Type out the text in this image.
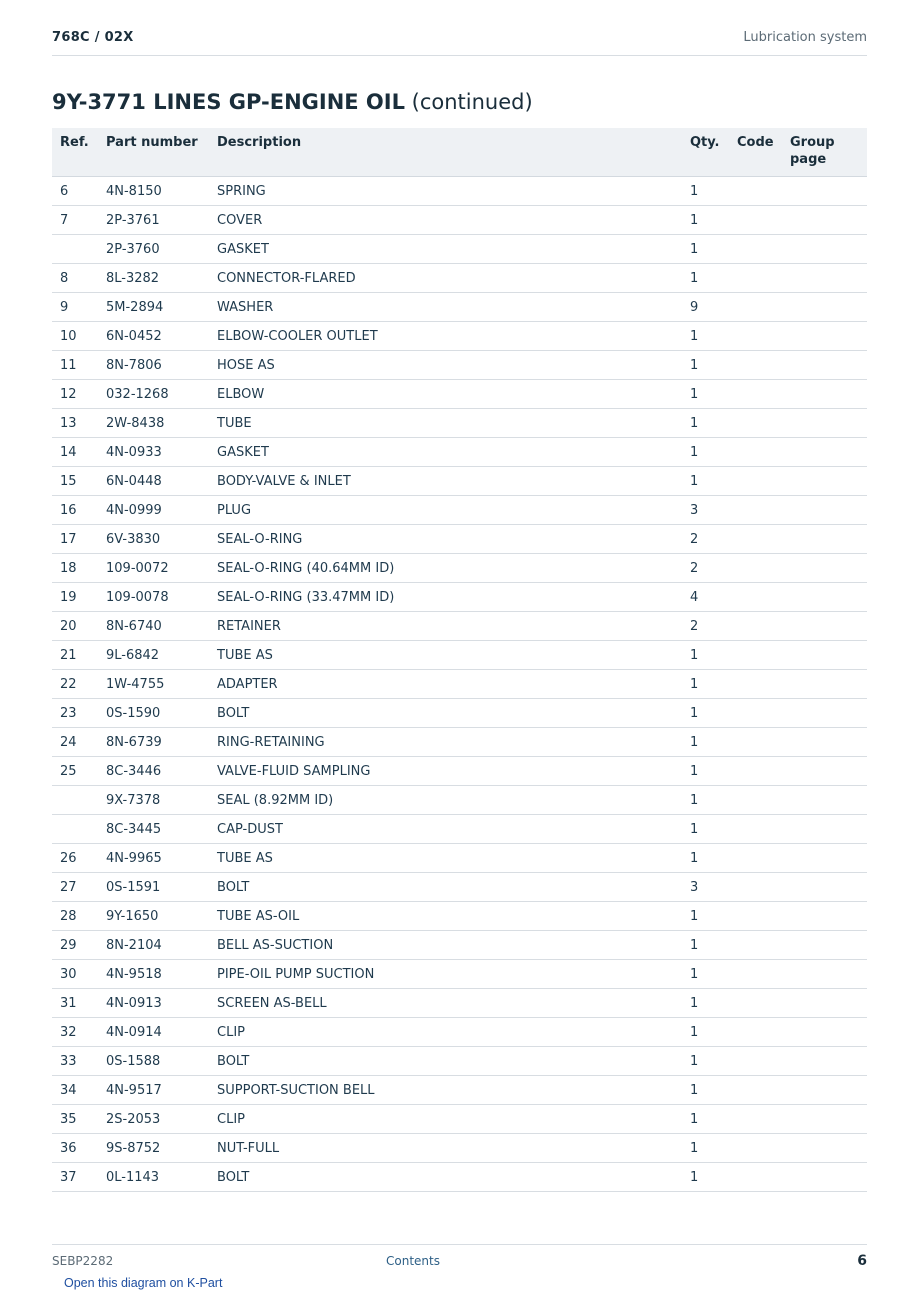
768C / 02X	Lubrication system
9Y-3771 LINES GP-ENGINE OIL (continued)
Ref.	Part number	Description	Qty.	Code	Group page
6	4N-8150	SPRING	1		
7	2P-3761	COVER	1		
	2P-3760	GASKET	1		
8	8L-3282	CONNECTOR-FLARED	1		
9	5M-2894	WASHER	9		
10	6N-0452	ELBOW-COOLER OUTLET	1		
11	8N-7806	HOSE AS	1		
12	032-1268	ELBOW	1		
13	2W-8438	TUBE	1		
14	4N-0933	GASKET	1		
15	6N-0448	BODY-VALVE & INLET	1		
16	4N-0999	PLUG	3		
17	6V-3830	SEAL-O-RING	2		
18	109-0072	SEAL-O-RING (40.64MM ID)	2		
19	109-0078	SEAL-O-RING (33.47MM ID)	4		
20	8N-6740	RETAINER	2		
21	9L-6842	TUBE AS	1		
22	1W-4755	ADAPTER	1		
23	0S-1590	BOLT	1		
24	8N-6739	RING-RETAINING	1		
25	8C-3446	VALVE-FLUID SAMPLING	1		
	9X-7378	SEAL (8.92MM ID)	1		
	8C-3445	CAP-DUST	1		
26	4N-9965	TUBE AS	1		
27	0S-1591	BOLT	3		
28	9Y-1650	TUBE AS-OIL	1		
29	8N-2104	BELL AS-SUCTION	1		
30	4N-9518	PIPE-OIL PUMP SUCTION	1		
31	4N-0913	SCREEN AS-BELL	1		
32	4N-0914	CLIP	1		
33	0S-1588	BOLT	1		
34	4N-9517	SUPPORT-SUCTION BELL	1		
35	2S-2053	CLIP	1		
36	9S-8752	NUT-FULL	1		
37	0L-1143	BOLT	1		
SEBP2282	Contents	6
Open this diagram on K-Part
